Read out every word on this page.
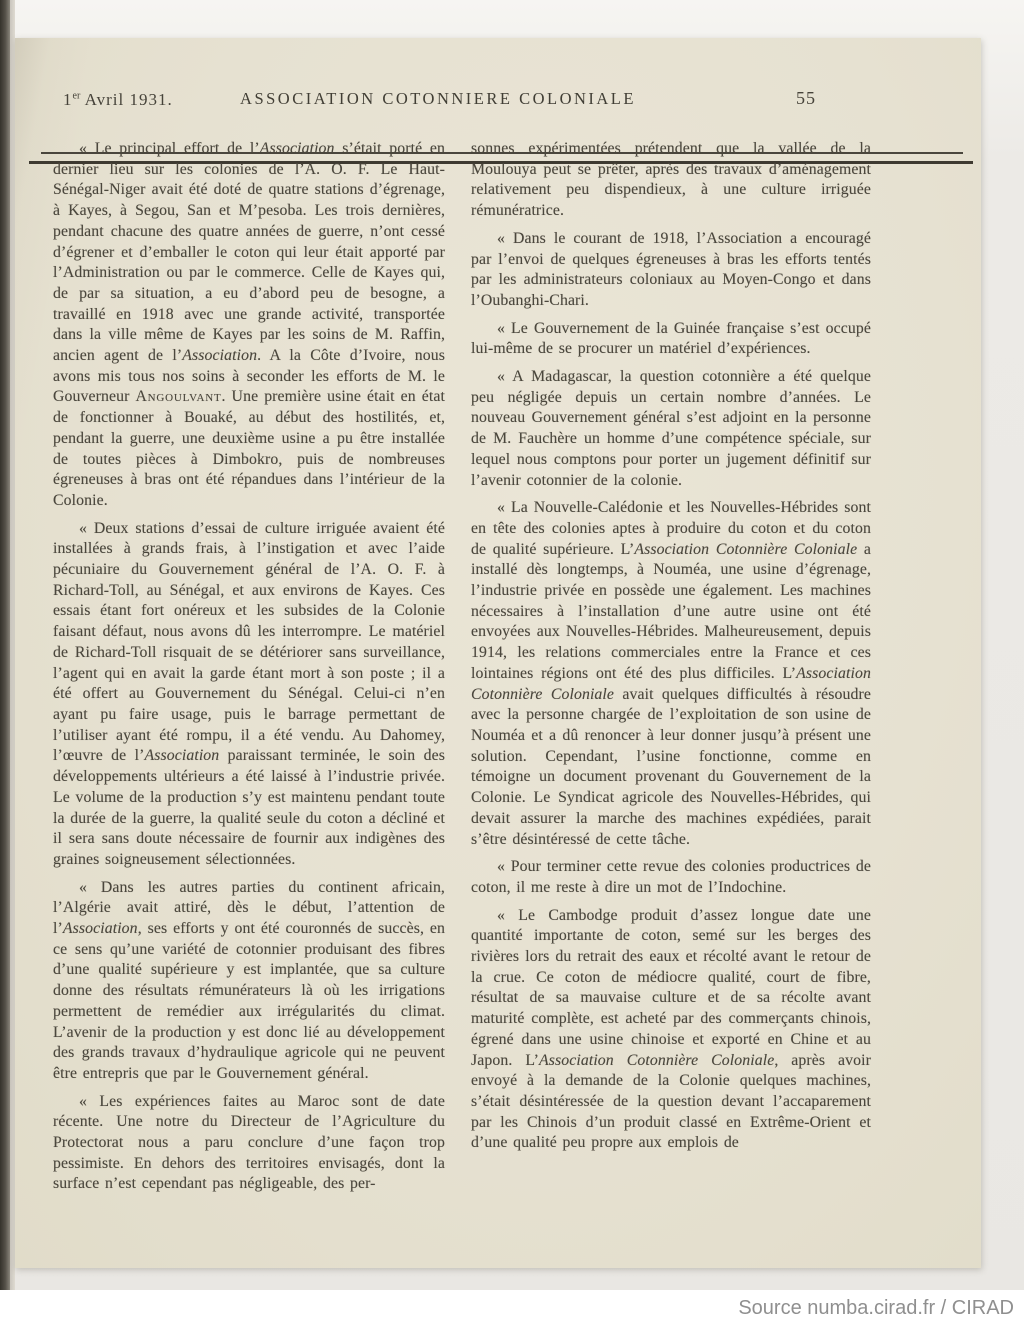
1er Avril 1931.	ASSOCIATION COTONNIERE COLONIALE	55

« Le principal effort de l’Association s’était porté en dernier lieu sur les colonies de l’A. O. F. Le Haut-Sénégal-Niger avait été doté de quatre stations d’égrenage, à Kayes, à Segou, San et M’pesoba. Les trois dernières, pendant chacune des quatre années de guerre, n’ont cessé d’égrener et d’emballer le coton qui leur était apporté par l’Administration ou par le commerce. Celle de Kayes qui, de par sa situation, a eu d’abord peu de besogne, a travaillé en 1918 avec une grande activité, transportée dans la ville même de Kayes par les soins de M. Raffin, ancien agent de l’Association. A la Côte d’Ivoire, nous avons mis tous nos soins à seconder les efforts de M. le Gouverneur Angoulvant. Une première usine était en état de fonctionner à Bouaké, au début des hostilités, et, pendant la guerre, une deuxième usine a pu être installée de toutes pièces à Dimbokro, puis de nombreuses égreneuses à bras ont été répandues dans l’intérieur de la Colonie.

« Deux stations d’essai de culture irriguée avaient été installées à grands frais, à l’instigation et avec l’aide pécuniaire du Gouvernement général de l’A. O. F. à Richard-Toll, au Sénégal, et aux environs de Kayes. Ces essais étant fort onéreux et les subsides de la Colonie faisant défaut, nous avons dû les interrompre. Le matériel de Richard-Toll risquait de se détériorer sans surveillance, l’agent qui en avait la garde étant mort à son poste ; il a été offert au Gouvernement du Sénégal. Celui-ci n’en ayant pu faire usage, puis le barrage permettant de l’utiliser ayant été rompu, il a été vendu. Au Dahomey, l’œuvre de l’Association paraissant terminée, le soin des développements ultérieurs a été laissé à l’industrie privée. Le volume de la production s’y est maintenu pendant toute la durée de la guerre, la qualité seule du coton a décliné et il sera sans doute nécessaire de fournir aux indigènes des graines soigneusement sélectionnées.

« Dans les autres parties du continent africain, l’Algérie avait attiré, dès le début, l’attention de l’Association, ses efforts y ont été couronnés de succès, en ce sens qu’une variété de cotonnier produisant des fibres d’une qualité supérieure y est implantée, que sa culture donne des résultats rémunérateurs là où les irrigations permettent de remédier aux irrégularités du climat. L’avenir de la production y est donc lié au développement des grands travaux d’hydraulique agricole qui ne peuvent être entrepris que par le Gouvernement général.

« Les expériences faites au Maroc sont de date récente. Une notre du Directeur de l’Agriculture du Protectorat nous a paru conclure d’une façon trop pessimiste. En dehors des territoires envisagés, dont la surface n’est cependant pas négligeable, des per-

sonnes expérimentées prétendent que la vallée de la Moulouya peut se prêter, après des travaux d’aménagement relativement peu dispendieux, à une culture irriguée rémunératrice.

« Dans le courant de 1918, l’Association a encouragé par l’envoi de quelques égreneuses à bras les efforts tentés par les administrateurs coloniaux au Moyen-Congo et dans l’Oubanghi-Chari.

« Le Gouvernement de la Guinée française s’est occupé lui-même de se procurer un matériel d’expériences.

« A Madagascar, la question cotonnière a été quelque peu négligée depuis un certain nombre d’années. Le nouveau Gouvernement général s’est adjoint en la personne de M. Fauchère un homme d’une compétence spéciale, sur lequel nous comptons pour porter un jugement définitif sur l’avenir cotonnier de la colonie.

« La Nouvelle-Calédonie et les Nouvelles-Hébrides sont en tête des colonies aptes à produire du coton et du coton de qualité supérieure. L’Association Cotonnière Coloniale a installé dès longtemps, à Nouméa, une usine d’égrenage, l’industrie privée en possède une également. Les machines nécessaires à l’installation d’une autre usine ont été envoyées aux Nouvelles-Hébrides. Malheureusement, depuis 1914, les relations commerciales entre la France et ces lointaines régions ont été des plus difficiles. L’Association Cotonnière Coloniale avait quelques difficultés à résoudre avec la personne chargée de l’exploitation de son usine de Nouméa et a dû renoncer à leur donner jusqu’à présent une solution. Cependant, l’usine fonctionne, comme en témoigne un document provenant du Gouvernement de la Colonie. Le Syndicat agricole des Nouvelles-Hébrides, qui devait assurer la marche des machines expédiées, parait s’être désintéressé de cette tâche.

« Pour terminer cette revue des colonies productrices de coton, il me reste à dire un mot de l’Indochine.

« Le Cambodge produit d’assez longue date une quantité importante de coton, semé sur les berges des rivières lors du retrait des eaux et récolté avant le retour de la crue. Ce coton de médiocre qualité, court de fibre, résultat de sa mauvaise culture et de sa récolte avant maturité complète, est acheté par des commerçants chinois, égrené dans une usine chinoise et exporté en Chine et au Japon. L’Association Cotonnière Coloniale, après avoir envoyé à la demande de la Colonie quelques machines, s’était désintéressée de la question devant l’accaparement par les Chinois d’un produit classé en Extrême-Orient et d’une qualité peu propre aux emplois de

Source numba.cirad.fr / CIRAD
